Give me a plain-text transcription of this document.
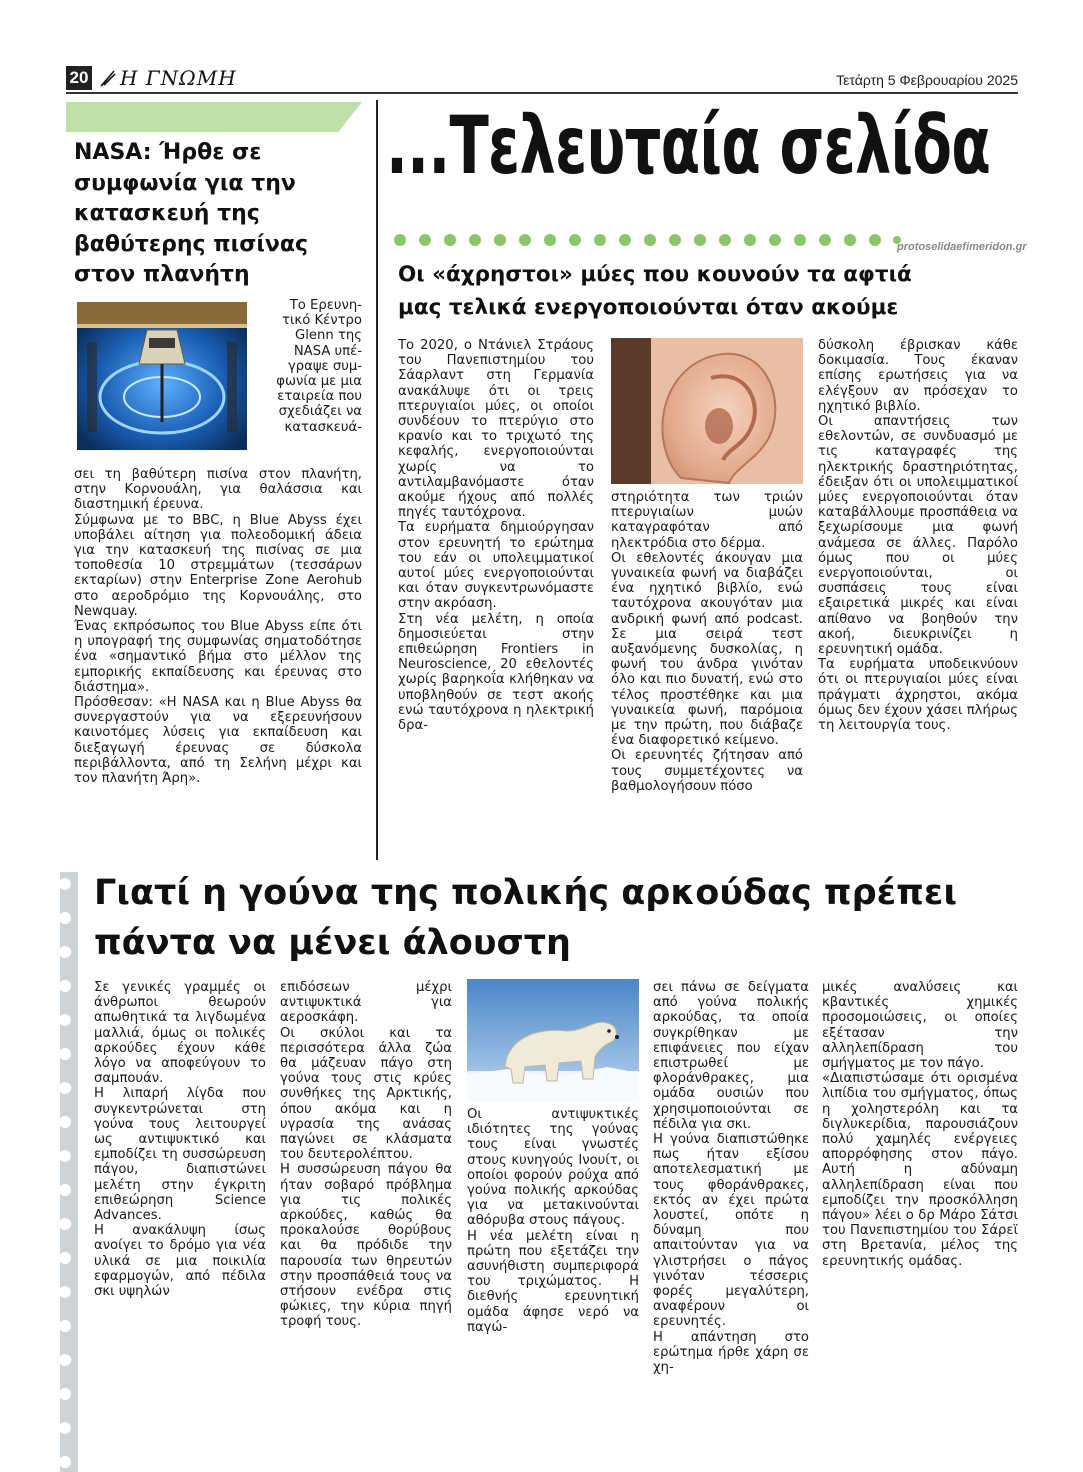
20	Η ΓΝΩΜΗ	Τετάρτη 5 Φεβρουαρίου 2025
...Τελευταία σελίδα
protoselidaefimeridon.gr
NASA: Ήρθε σε
συμφωνία για την
κατασκευή της
βαθύτερης πισίνας
στον πλανήτη
Το Ερευνη-
τικό Κέντρο
Glenn της
NASA υπέ-
γραψε συμ-
φωνία με μια
εταιρεία που
σχεδιάζει να
κατασκευά-

σει τη βαθύτερη πισίνα στον πλανήτη, στην Κορνουάλη, για θαλάσσια και διαστημική έρευνα.

Σύμφωνα με το BBC, η Blue Abyss έχει υποβάλει αίτηση για πολεοδομική άδεια για την κατασκευή της πισίνας σε μια τοποθεσία 10 στρεμμάτων (τεσσάρων εκταρίων) στην Enterprise Zone Aerohub στο αεροδρόμιο της Κορνουάλης, στο Newquay.

Ένας εκπρόσωπος του Blue Abyss είπε ότι η υπογραφή της συμφωνίας σηματοδότησε ένα «σημαντικό βήμα στο μέλλον της εμπορικής εκπαίδευσης και έρευνας στο διάστημα».

Πρόσθεσαν: «Η NASA και η Blue Abyss θα συνεργαστούν για να εξερευνήσουν καινοτόμες λύσεις για εκπαίδευση και διεξαγωγή έρευνας σε δύσκολα περιβάλλοντα, από τη Σελήνη μέχρι και τον πλανήτη Άρη».

Οι «άχρηστοι» μύες που κουνούν τα αφτιά
μας τελικά ενεργοποιούνται όταν ακούμε

Το 2020, ο Ντάνιελ Στράους του Πανεπιστημίου του Σάαρλαντ στη Γερμανία ανακάλυψε ότι οι τρεις πτερυγιαίοι μύες, οι οποίοι συνδέουν το πτερύγιο στο κρανίο και το τριχωτό της κεφαλής, ενεργοποιούνται χωρίς να το αντιλαμβανόμαστε όταν ακούμε ήχους από πολλές πηγές ταυτόχρονα.

Τα ευρήματα δημιούργησαν στον ερευνητή το ερώτημα του εάν οι υπολειμματικοί αυτοί μύες ενεργοποιούνται και όταν συγκεντρωνόμαστε στην ακρόαση.

Στη νέα μελέτη, η οποία δημοσιεύεται στην επιθεώρηση Frontiers in Neuroscience, 20 εθελοντές χωρίς βαρηκοΐα κλήθηκαν να υποβληθούν σε τεστ ακοής ενώ ταυτόχρονα η ηλεκτρική δρα-

στηριότητα των τριών πτερυγιαίων μυών καταγραφόταν από ηλεκτρόδια στο δέρμα.

Οι εθελοντές άκουγαν μια γυναικεία φωνή να διαβάζει ένα ηχητικό βιβλίο, ενώ ταυτόχρονα ακουγόταν μια ανδρική φωνή από podcast. Σε μια σειρά τεστ αυξανόμενης δυσκολίας, η φωνή του άνδρα γινόταν όλο και πιο δυνατή, ενώ στο τέλος προστέθηκε και μια γυναικεία φωνή, παρόμοια με την πρώτη, που διάβαζε ένα διαφορετικό κείμενο.

Οι ερευνητές ζήτησαν από τους συμμετέχοντες να βαθμολογήσουν πόσο

δύσκολη έβρισκαν κάθε δοκιμασία. Τους έκαναν επίσης ερωτήσεις για να ελέγξουν αν πρόσεχαν το ηχητικό βιβλίο.

Οι απαντήσεις των εθελοντών, σε συνδυασμό με τις καταγραφές της ηλεκτρικής δραστηριότητας, έδειξαν ότι οι υπολειμματικοί μύες ενεργοποιούνται όταν καταβάλλουμε προσπάθεια να ξεχωρίσουμε μια φωνή ανάμεσα σε άλλες. Παρόλο όμως που οι μύες ενεργοποιούνται, οι συσπάσεις τους είναι εξαιρετικά μικρές και είναι απίθανο να βοηθούν την ακοή, διευκρινίζει η ερευνητική ομάδα.

Τα ευρήματα υποδεικνύουν ότι οι πτερυγιαίοι μύες είναι πράγματι άχρηστοι, ακόμα όμως δεν έχουν χάσει πλήρως τη λειτουργία τους.

Γιατί η γούνα της πολικής αρκούδας πρέπει
πάντα να μένει άλουστη

Σε γενικές γραμμές οι άνθρωποι θεωρούν απωθητικά τα λιγδωμένα μαλλιά, όμως οι πολικές αρκούδες έχουν κάθε λόγο να αποφεύγουν το σαμπουάν.

Η λιπαρή λίγδα που συγκεντρώνεται στη γούνα τους λειτουργεί ως αντιψυκτικό και εμποδίζει τη συσσώρευση πάγου, διαπιστώνει μελέτη στην έγκριτη επιθεώρηση Science Advances.

Η ανακάλυψη ίσως ανοίγει το δρόμο για νέα υλικά σε μια ποικιλία εφαρμογών, από πέδιλα σκι υψηλών

επιδόσεων μέχρι αντιψυκτικά για αεροσκάφη.

Οι σκύλοι και τα περισσότερα άλλα ζώα θα μάζευαν πάγο στη γούνα τους στις κρύες συνθήκες της Αρκτικής, όπου ακόμα και η υγρασία της ανάσας παγώνει σε κλάσματα του δευτερολέπτου.

Η συσσώρευση πάγου θα ήταν σοβαρό πρόβλημα για τις πολικές αρκούδες, καθώς θα προκαλούσε θορύβους και θα πρόδιδε την παρουσία των θηρευτών στην προσπάθειά τους να στήσουν ενέδρα στις φώκιες, την κύρια πηγή τροφή τους.

Οι αντιψυκτικές ιδιότητες της γούνας τους είναι γνωστές στους κυνηγούς Ινουίτ, οι οποίοι φορούν ρούχα από γούνα πολικής αρκούδας για να μετακινούνται αθόρυβα στους πάγους.

Η νέα μελέτη είναι η πρώτη που εξετάζει την ασυνήθιστη συμπεριφορά του τριχώματος. Η διεθνής ερευνητική ομάδα άφησε νερό να παγώ-

σει πάνω σε δείγματα από γούνα πολικής αρκούδας, τα οποία συγκρίθηκαν με επιφάνειες που είχαν επιστρωθεί με φλοράνθρακες, μια ομάδα ουσιών που χρησιμοποιούνται σε πέδιλα για σκι.

Η γούνα διαπιστώθηκε πως ήταν εξίσου αποτελεσματική με τους φθοράνθρακες, εκτός αν έχει πρώτα λουστεί, οπότε η δύναμη που απαιτούνταν για να γλιστρήσει ο πάγος γινόταν τέσσερις φορές μεγαλύτερη, αναφέρουν οι ερευνητές.

Η απάντηση στο ερώτημα ήρθε χάρη σε χη-

μικές αναλύσεις και κβαντικές χημικές προσομοιώσεις, οι οποίες εξέτασαν την αλληλεπίδραση του σμήγματος με τον πάγο.

«Διαπιστώσαμε ότι ορισμένα λιπίδια του σμήγματος, όπως η χοληστερόλη και τα διγλυκερίδια, παρουσιάζουν πολύ χαμηλές ενέργειες απορρόφησης στον πάγο. Αυτή η αδύναμη αλληλεπίδραση είναι που εμποδίζει την προσκόλληση πάγου» λέει ο δρ Μάρο Σάτσι του Πανεπιστημίου του Σάρεϊ στη Βρετανία, μέλος της ερευνητικής ομάδας.
